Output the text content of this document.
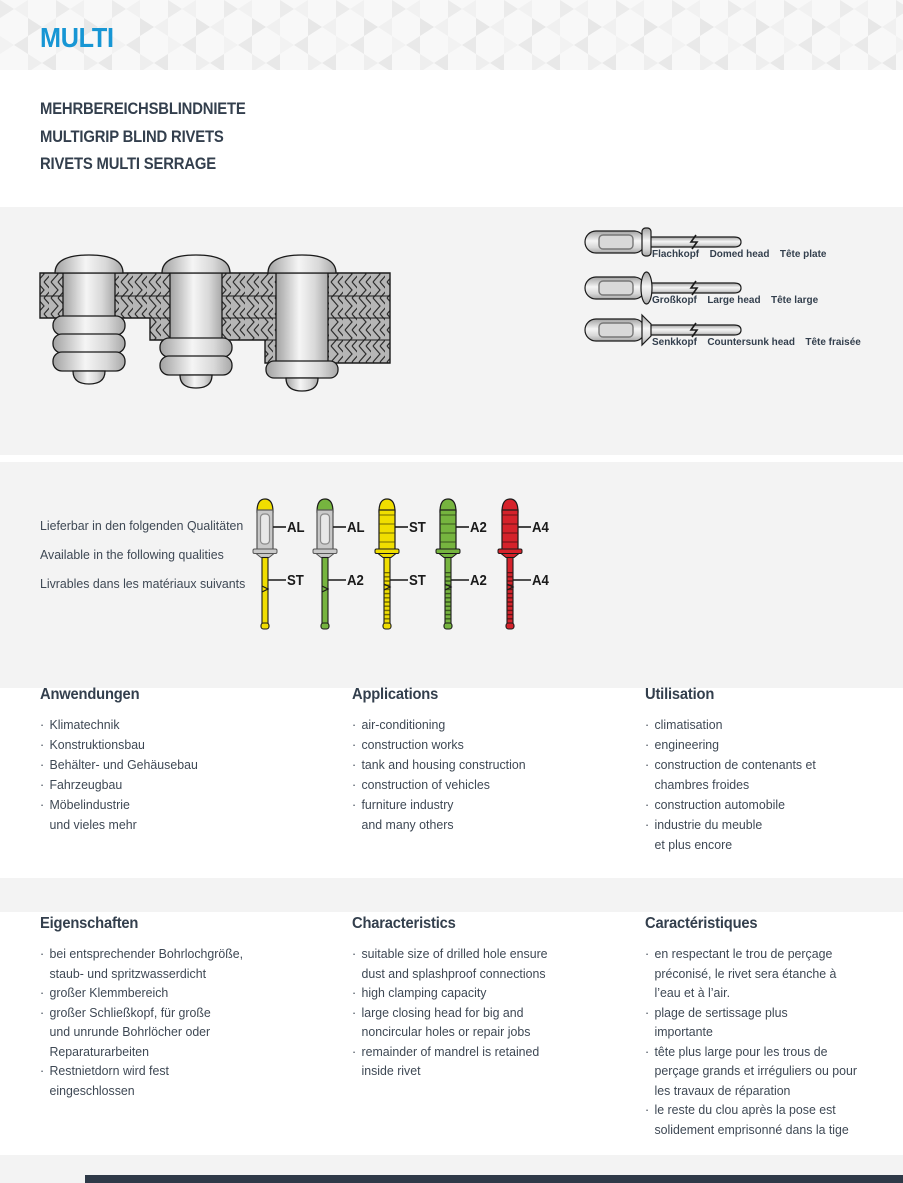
MULTI
MEHRBEREICHSBLINDNIETE
MULTIGRIP BLIND RIVETS
RIVETS MULTI SERRAGE
Flachkopf Domed head Tête plate
Großkopf Large head Tête large
Senkkopf Countersunk head Tête fraisée
Lieferbar in den folgenden Qualitäten
Available in the following qualities
Livrables dans les matériaux suivants
AL
ST
AL
A2
ST
ST
A2
A2
A4
A4
Anwendungen
· Klimatechnik
· Konstruktionsbau
· Behälter- und Gehäusebau
· Fahrzeugbau
· Möbelindustrie
und vieles mehr
Applications
· air-conditioning
· construction works
· tank and housing construction
· construction of vehicles
· furniture industry
and many others
Utilisation
· climatisation
· engineering
· construction de contenants et
chambres froides
· construction automobile
· industrie du meuble
et plus encore
Eigenschaften
· bei entsprechender Bohrlochgröße,
staub- und spritzwasserdicht
· großer Klemmbereich
· großer Schließkopf, für große
und unrunde Bohrlöcher oder
Reparaturarbeiten
· Restnietdorn wird fest
eingeschlossen
Characteristics
· suitable size of drilled hole ensure
dust and splashproof connections
· high clamping capacity
· large closing head for big and
noncircular holes or repair jobs
· remainder of mandrel is retained
inside rivet
Caractéristiques
· en respectant le trou de perçage
préconisé, le rivet sera étanche à
l’eau et à l’air.
· plage de sertissage plus
importante
· tête plus large pour les trous de
perçage grands et irréguliers ou pour
les travaux de réparation
· le reste du clou après la pose est
solidement emprisonné dans la tige
